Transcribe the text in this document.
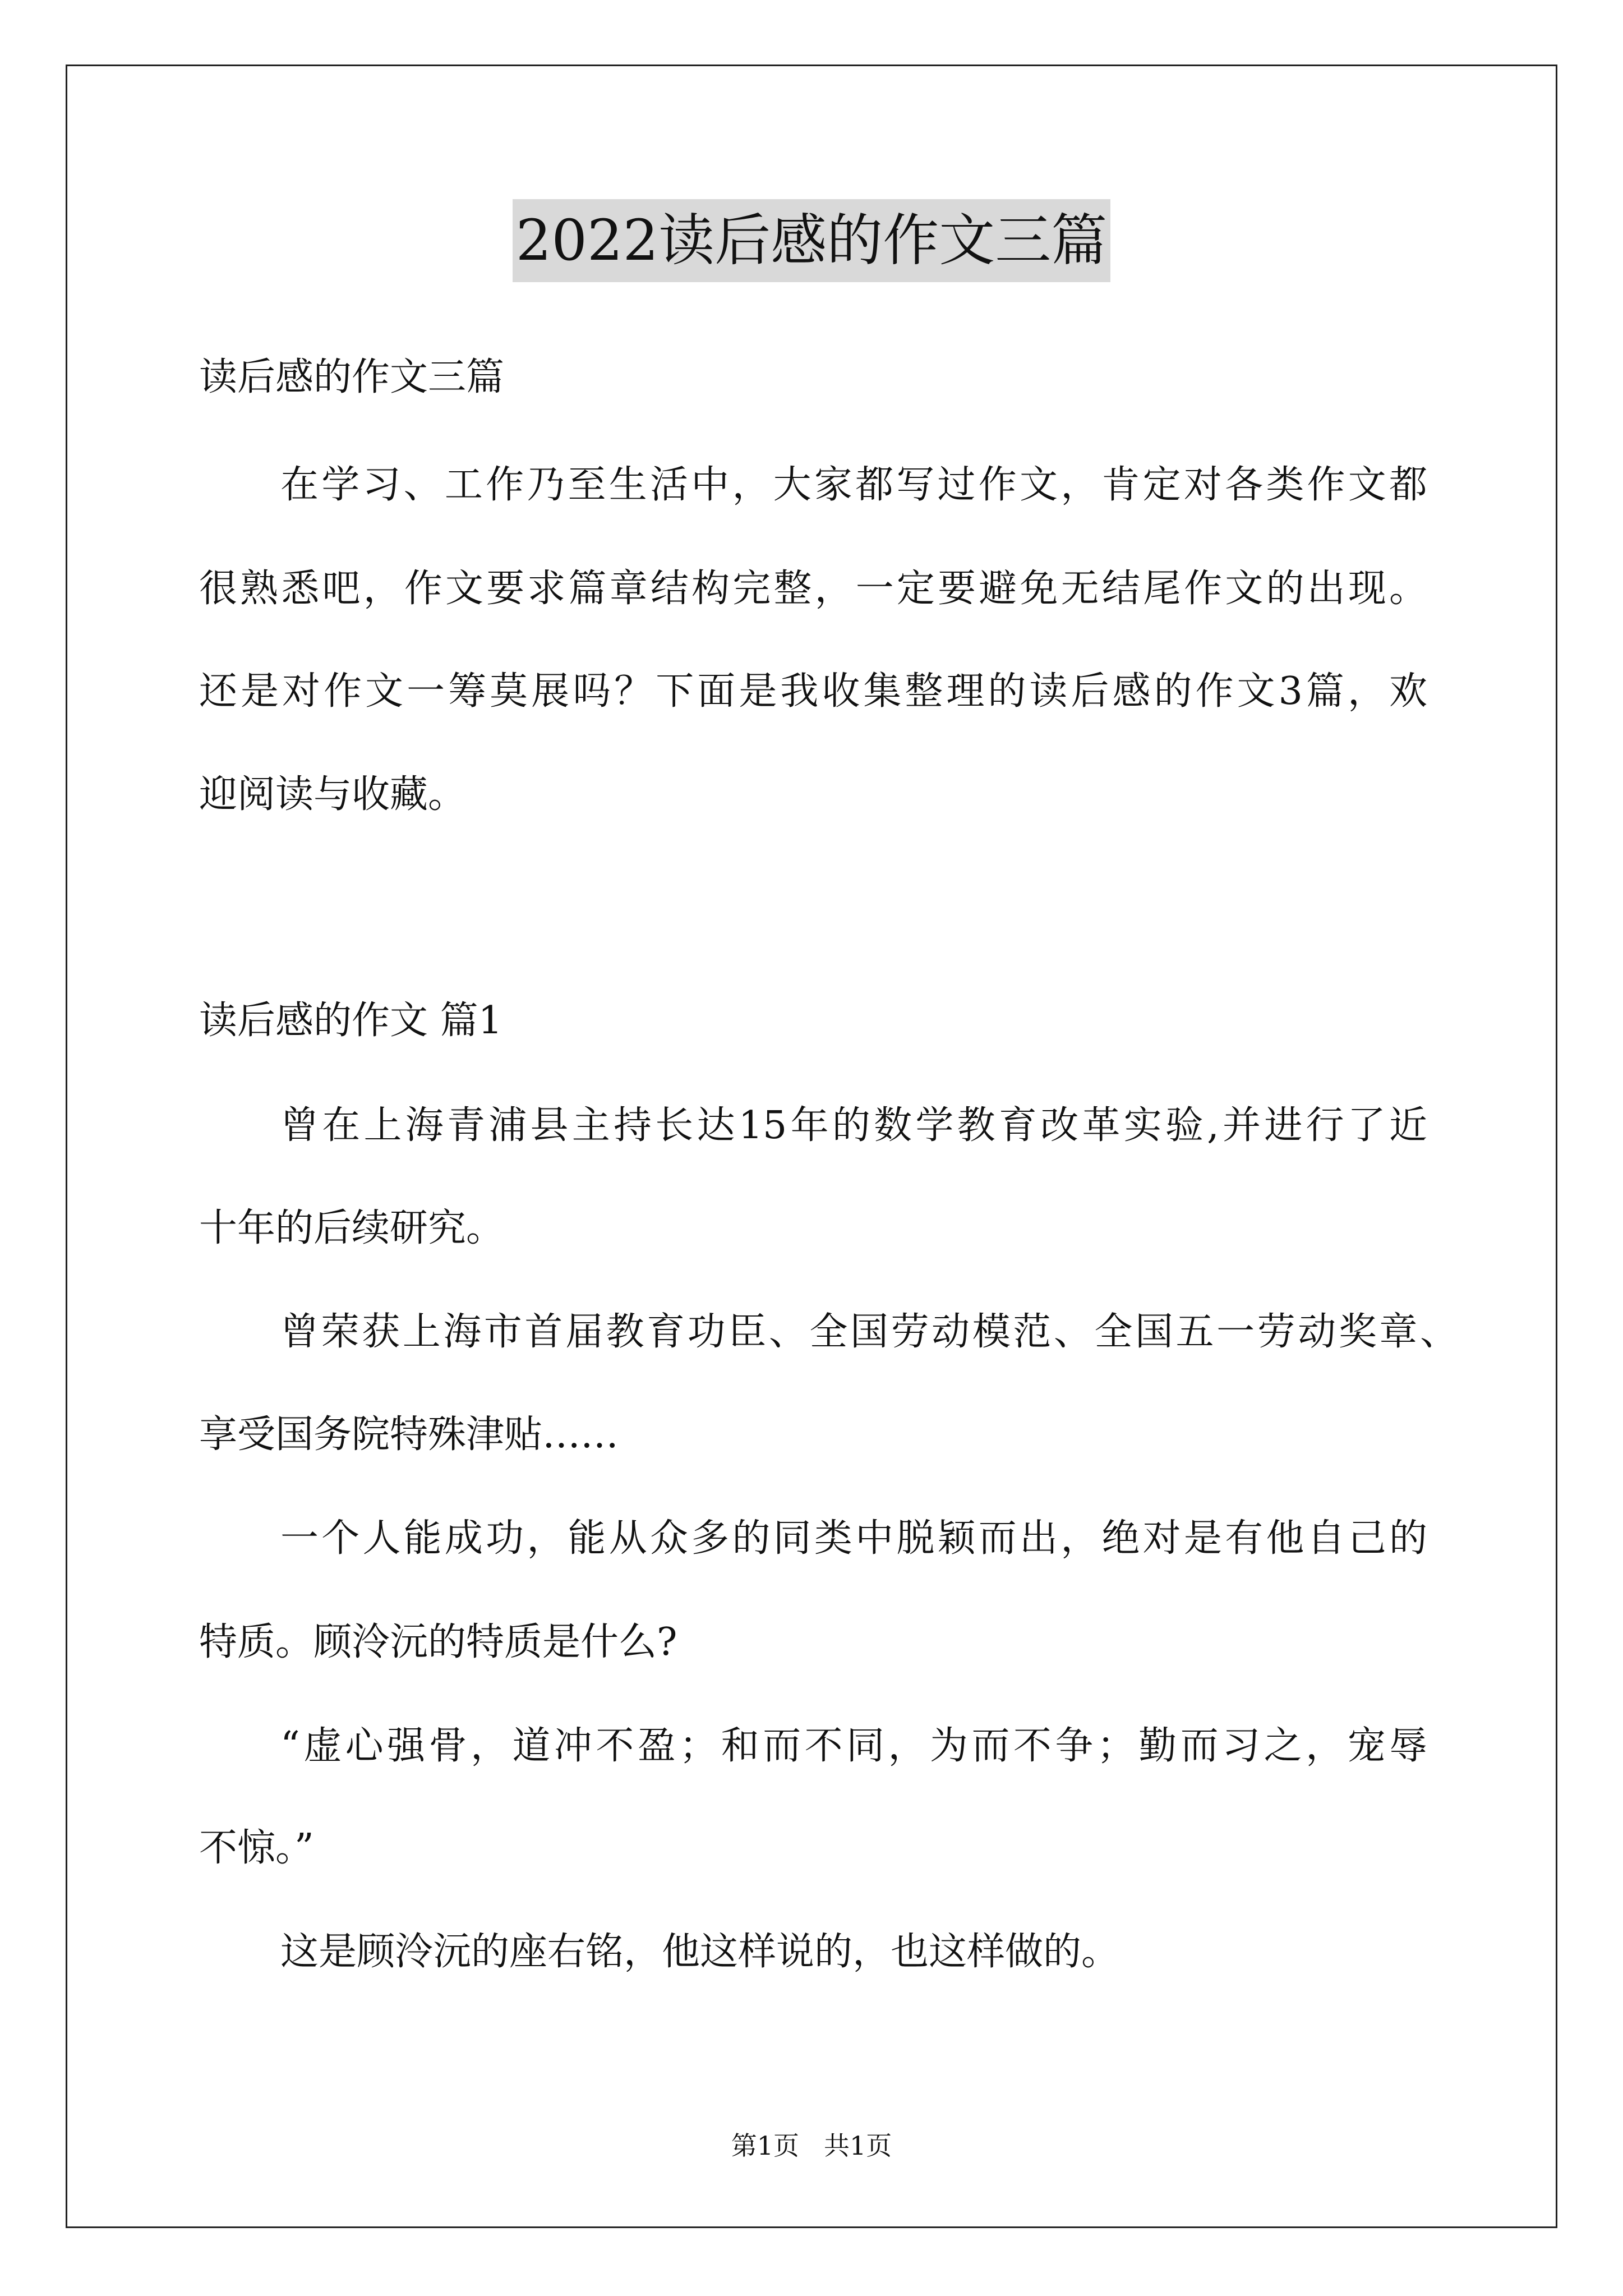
2022读后感的作文三篇

读后感的作文三篇

在学习、工作乃至生活中，大家都写过作文，肯定对各类作文都

很熟悉吧，作文要求篇章结构完整，一定要避免无结尾作文的出现。

还是对作文一筹莫展吗？下面是我收集整理的读后感的作文3篇，欢

迎阅读与收藏。

读后感的作文 篇1

曾在上海青浦县主持长达15年的数学教育改革实验,并进行了近

十年的后续研究。

曾荣获上海市首届教育功臣、全国劳动模范、全国五一劳动奖章、

享受国务院特殊津贴……

一个人能成功，能从众多的同类中脱颖而出，绝对是有他自己的

特质。顾泠沅的特质是什么?

“虚心强骨，道冲不盈；和而不同，为而不争；勤而习之，宠辱

不惊。”

这是顾泠沅的座右铭，他这样说的，也这样做的。

第1页 共1页
